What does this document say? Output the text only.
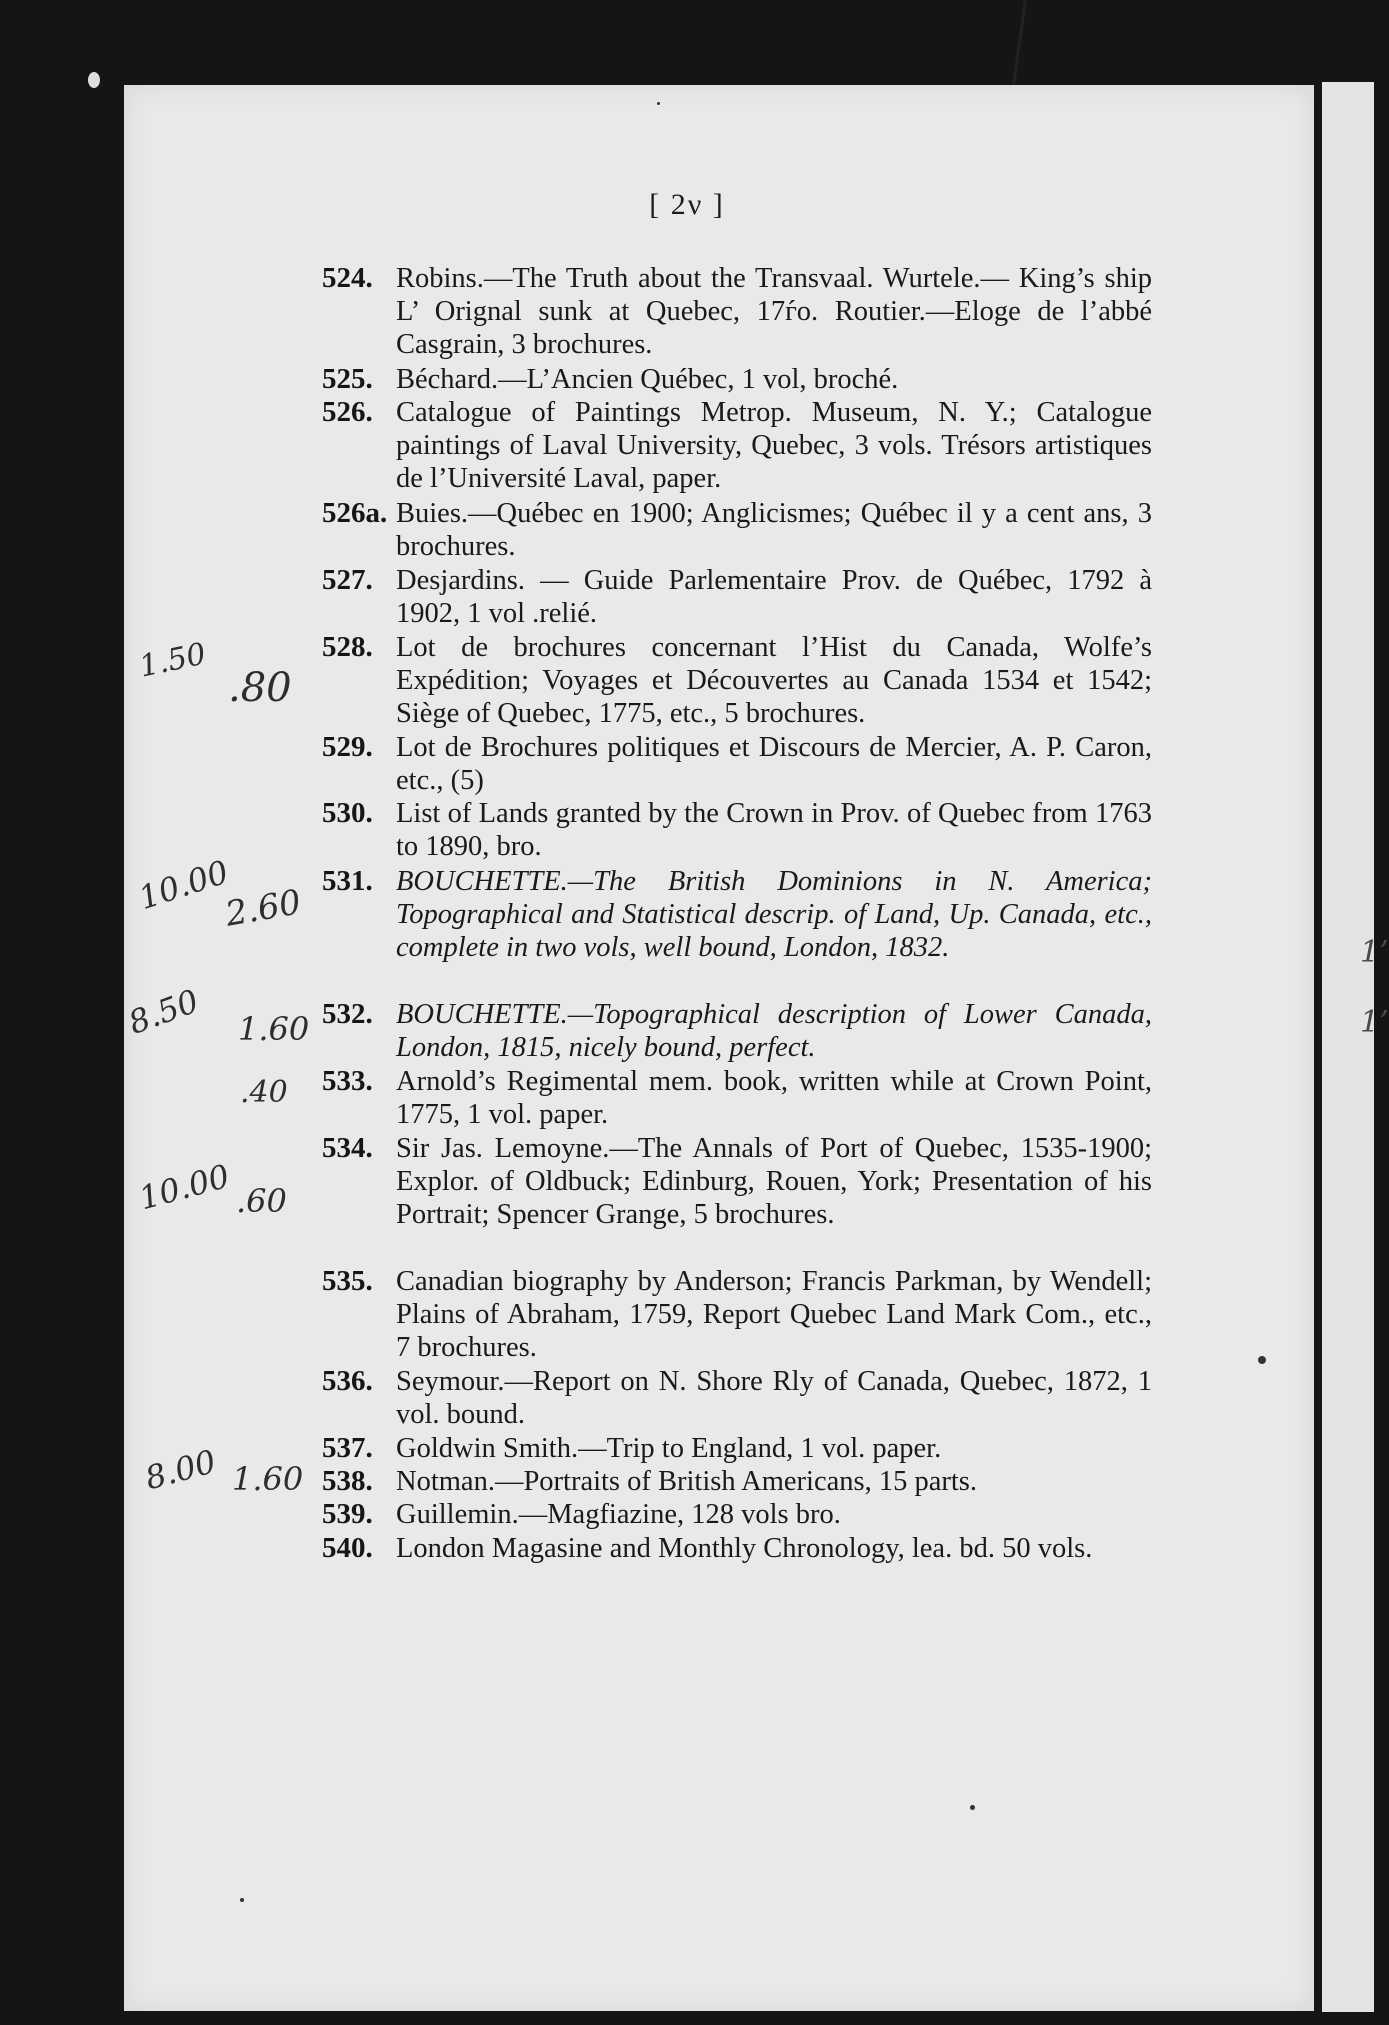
1’
1’
[ 2ν ]
524. Robins.—The Truth about the Transvaal. Wurtele.— King’s ship L’ Orignal sunk at Quebec, 17ѓo. Routier.—Eloge de l’abbé Casgrain, 3 brochures.

525. Béchard.—L’Ancien Québec, 1 vol, broché.

526. Catalogue of Paintings Metrop. Museum, N. Y.; Catalogue paintings of Laval University, Quebec, 3 vols. Trésors artistiques de l’Université Laval, paper.

526a. Buies.—Québec en 1900; Anglicismes; Québec il y a cent ans, 3 brochures.

527. Desjardins. — Guide Parlementaire Prov. de Québec, 1792 à 1902, 1 vol .relié.

528. Lot de brochures concernant l’Hist du Canada, Wolfe’s Expédition; Voyages et Découvertes au Canada 1534 et 1542; Siège of Quebec, 1775, etc., 5 brochures.

529. Lot de Brochures politiques et Discours de Mercier, A. P. Caron, etc., (5)

530. List of Lands granted by the Crown in Prov. of Quebec from 1763 to 1890, bro.

531. BOUCHETTE.—The British Dominions in N. America; Topographical and Statistical descrip. of Land, Up. Canada, etc., complete in two vols, well bound, London, 1832.

532. BOUCHETTE.—Topographical description of Lower Canada, London, 1815, nicely bound, perfect.

533. Arnold’s Regimental mem. book, written while at Crown Point, 1775, 1 vol. paper.

534. Sir Jas. Lemoyne.—The Annals of Port of Quebec, 1535-1900; Explor. of Oldbuck; Edinburg, Rouen, York; Presentation of his Portrait; Spencer Grange, 5 brochures.

535. Canadian biography by Anderson; Francis Parkman, by Wendell; Plains of Abraham, 1759, Report Quebec Land Mark Com., etc., 7 brochures.

536. Seymour.—Report on N. Shore Rly of Canada, Quebec, 1872, 1 vol. bound.

537. Goldwin Smith.—Trip to England, 1 vol. paper.

538. Notman.—Portraits of British Americans, 15 parts.

539. Guillemin.—Magfiazine, 128 vols bro.

540. London Magasine and Monthly Chronology, lea. bd. 50 vols.

1.50
.80
10.00
2.60
8.50 1.60
.40
10.00 .60
8.00 1.60
